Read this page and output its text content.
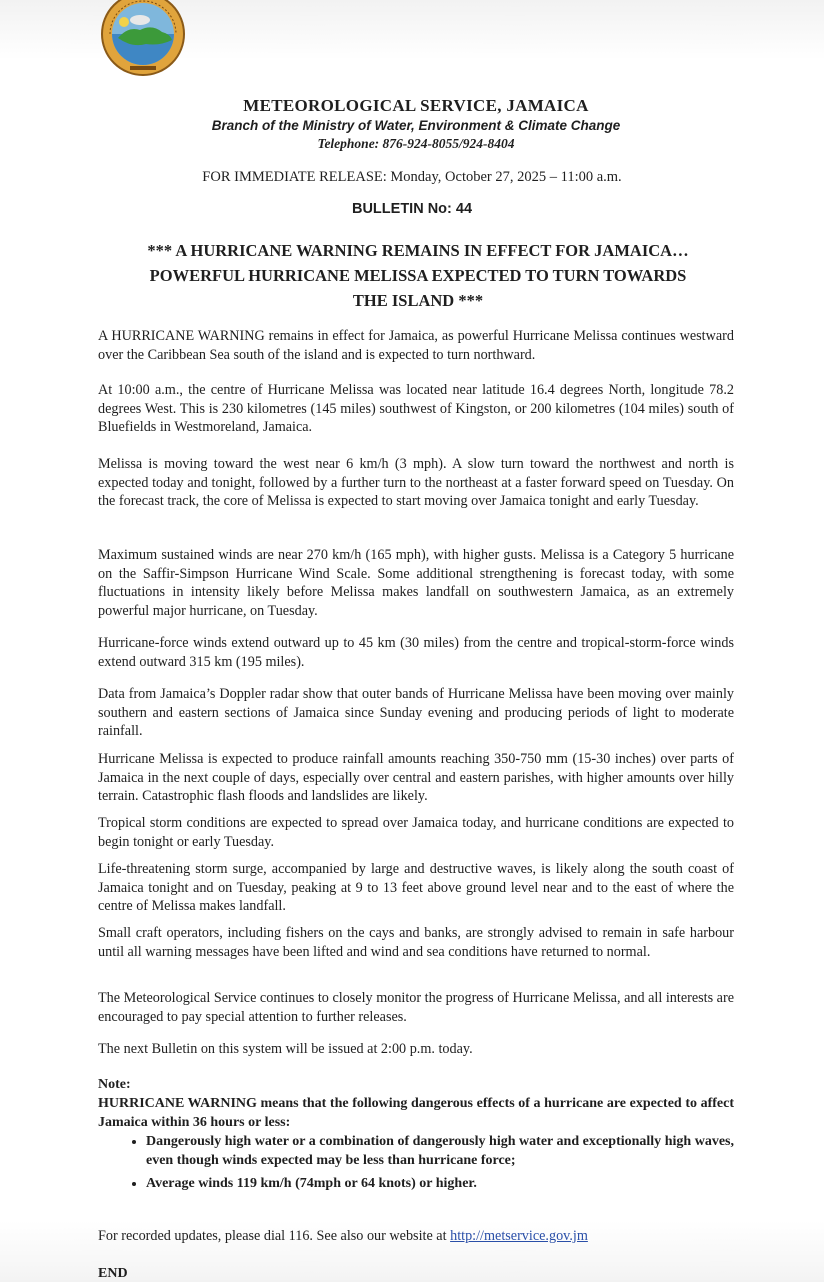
METEOROLOGICAL SERVICE, JAMAICA
Branch of the Ministry of Water, Environment & Climate Change
Telephone: 876-924-8055/924-8404
FOR IMMEDIATE RELEASE: Monday, October 27, 2025 – 11:00 a.m.
BULLETIN No: 44
*** A HURRICANE WARNING REMAINS IN EFFECT FOR JAMAICA…
POWERFUL HURRICANE MELISSA EXPECTED TO TURN TOWARDS
THE ISLAND ***

A HURRICANE WARNING remains in effect for Jamaica, as powerful Hurricane Melissa continues westward over the Caribbean Sea south of the island and is expected to turn northward.

At 10:00 a.m., the centre of Hurricane Melissa was located near latitude 16.4 degrees North, longitude 78.2 degrees West. This is 230 kilometres (145 miles) southwest of Kingston, or 200 kilometres (104 miles) south of Bluefields in Westmoreland, Jamaica.

Melissa is moving toward the west near 6 km/h (3 mph). A slow turn toward the northwest and north is expected today and tonight, followed by a further turn to the northeast at a faster forward speed on Tuesday. On the forecast track, the core of Melissa is expected to start moving over Jamaica tonight and early Tuesday.

Maximum sustained winds are near 270 km/h (165 mph), with higher gusts. Melissa is a Category 5 hurricane on the Saffir-Simpson Hurricane Wind Scale. Some additional strengthening is forecast today, with some fluctuations in intensity likely before Melissa makes landfall on southwestern Jamaica, as an extremely powerful major hurricane, on Tuesday.

Hurricane-force winds extend outward up to 45 km (30 miles) from the centre and tropical-storm-force winds extend outward 315 km (195 miles).

Data from Jamaica’s Doppler radar show that outer bands of Hurricane Melissa have been moving over mainly southern and eastern sections of Jamaica since Sunday evening and producing periods of light to moderate rainfall.

Hurricane Melissa is expected to produce rainfall amounts reaching 350-750 mm (15-30 inches) over parts of Jamaica in the next couple of days, especially over central and eastern parishes, with higher amounts over hilly terrain. Catastrophic flash floods and landslides are likely.

Tropical storm conditions are expected to spread over Jamaica today, and hurricane conditions are expected to begin tonight or early Tuesday.

Life-threatening storm surge, accompanied by large and destructive waves, is likely along the south coast of Jamaica tonight and on Tuesday, peaking at 9 to 13 feet above ground level near and to the east of where the centre of Melissa makes landfall.

Small craft operators, including fishers on the cays and banks, are strongly advised to remain in safe harbour until all warning messages have been lifted and wind and sea conditions have returned to normal.

The Meteorological Service continues to closely monitor the progress of Hurricane Melissa, and all interests are encouraged to pay special attention to further releases.

The next Bulletin on this system will be issued at 2:00 p.m. today.

Note:
HURRICANE WARNING means that the following dangerous effects of a hurricane are expected to affect Jamaica within 36 hours or less:
• Dangerously high water or a combination of dangerously high water and exceptionally high waves, even though winds expected may be less than hurricane force;
• Average winds 119 km/h (74mph or 64 knots) or higher.
For recorded updates, please dial 116. See also our website at http://metservice.gov.jm
END
